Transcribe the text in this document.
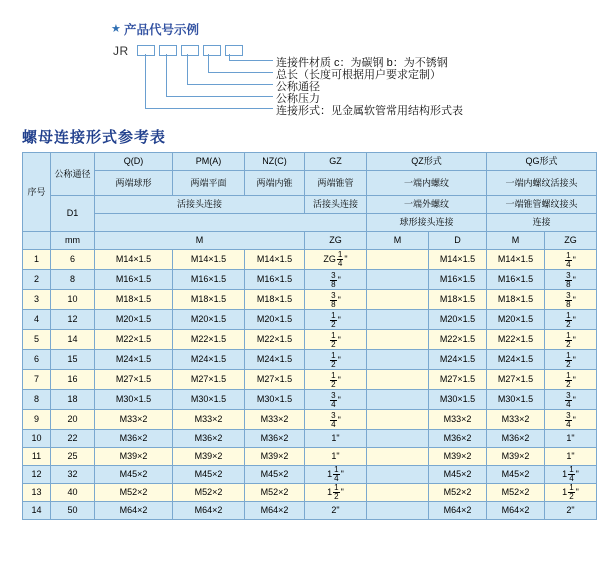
★ 产品代号示例
JR
连接件材质 c：为碳钢 b：为不锈钢
总长（长度可根据用户要求定制）
公称通径
公称压力
连接形式：见金属软管常用结构形式表
螺母连接形式参考表
序号	公称通径	Q(D)	PM(A)	NZ(C)	GZ	QZ形式		QG形式	
		两端球形	两端平面	两端内锥	两端锥管	一端内螺纹		一端内螺纹活接头	
	D1	活接头连接			活接头连接	一端外螺纹		一端锥管螺纹接头	
						球形接头连接		连接	
	mm	M			ZG	M	D	M	ZG
1	6	M14×1.5	M14×1.5	M14×1.5	ZG $\frac{1}{4}$ "		M14×1.5	M14×1.5	$\frac{1}{4}$ "

2	8	M16×1.5	M16×1.5	M16×1.5	$\frac{3}{8}$ "		M16×1.5	M16×1.5	$\frac{3}{8}$ "

3	10	M18×1.5	M18×1.5	M18×1.5	$\frac{3}{8}$ "		M18×1.5	M18×1.5	$\frac{3}{8}$ "

4	12	M20×1.5	M20×1.5	M20×1.5	$\frac{1}{2}$ "		M20×1.5	M20×1.5	$\frac{1}{2}$ "

5	14	M22×1.5	M22×1.5	M22×1.5	$\frac{1}{2}$ "		M22×1.5	M22×1.5	$\frac{1}{2}$ "

6	15	M24×1.5	M24×1.5	M24×1.5	$\frac{1}{2}$ "		M24×1.5	M24×1.5	$\frac{1}{2}$ "

7	16	M27×1.5	M27×1.5	M27×1.5	$\frac{1}{2}$ "		M27×1.5	M27×1.5	$\frac{1}{2}$ "

8	18	M30×1.5	M30×1.5	M30×1.5	$\frac{3}{4}$ "		M30×1.5	M30×1.5	$\frac{3}{4}$ "

9	20	M33×2	M33×2	M33×2	$\frac{3}{4}$ "		M33×2	M33×2	$\frac{3}{4}$ "

10	22	M36×2	M36×2	M36×2	1"		M36×2	M36×2	1"
11	25	M39×2	M39×2	M39×2	1"		M39×2	M39×2	1"
12	32	M45×2	M45×2	M45×2	$1 \frac{1}{4}$ "		M45×2	M45×2	$1 \frac{1}{4}$ "

13	40	M52×2	M52×2	M52×2	$1 \frac{1}{2}$ "		M52×2	M52×2	$1 \frac{1}{2}$ "

14	50	M64×2	M64×2	M64×2	2"		M64×2	M64×2	2"
